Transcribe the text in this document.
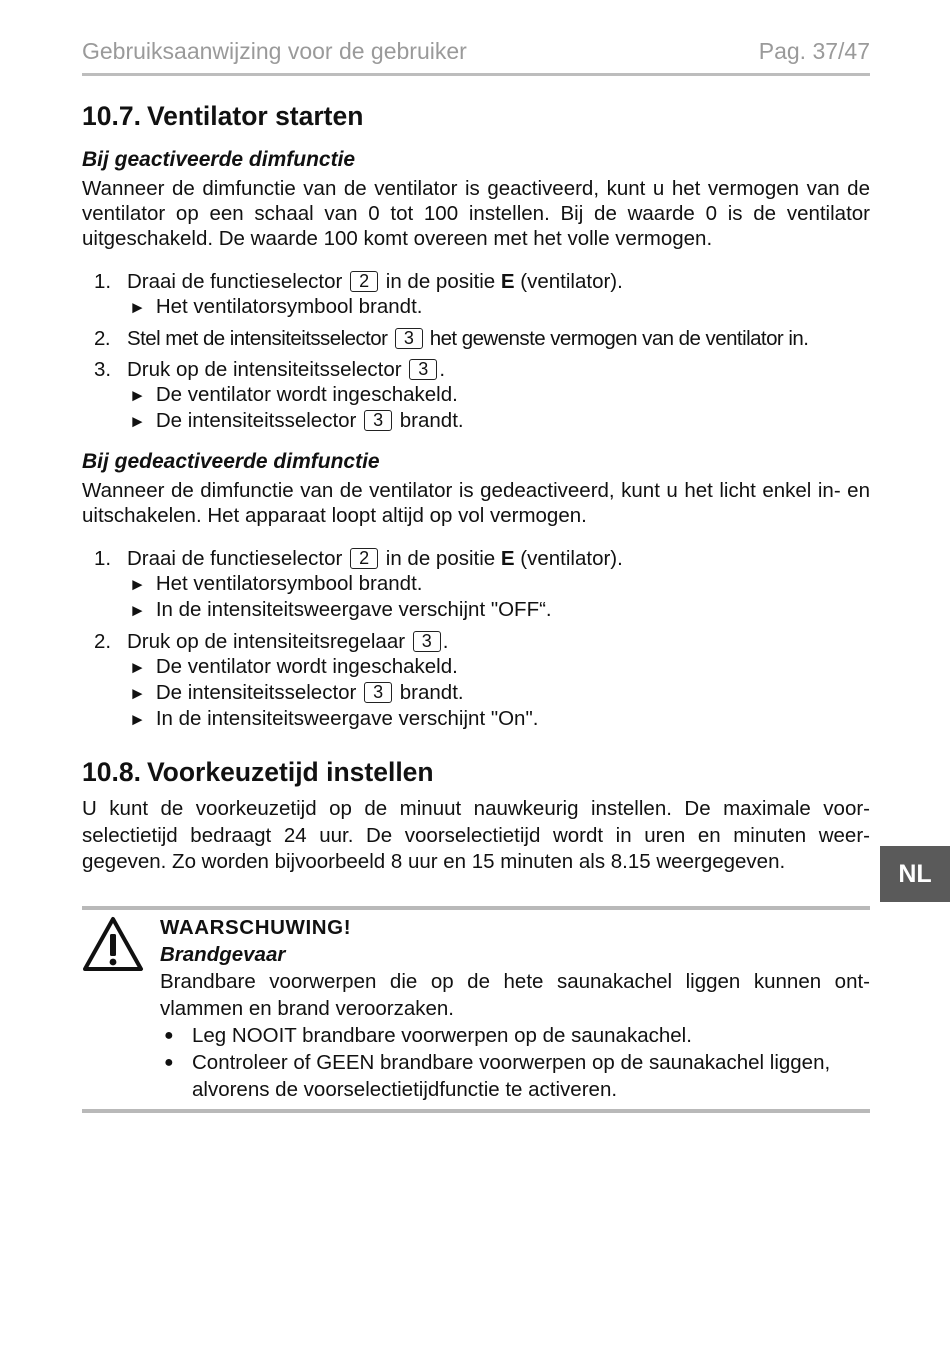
Gebruiksaanwijzing voor de gebruiker	Pag. 37/47
10.7. Ventilator starten
Bij geactiveerde dimfunctie

Wanneer de dimfunctie van de ventilator is geactiveerd, kunt u het vermogen van de ventilator op een schaal van 0 tot 100 instellen. Bij de waarde 0 is de ventilator uitgeschakeld. De waarde 100 komt overeen met het volle vermogen.

1. Draai de functieselector 2 in de positie E (ventilator).
► Het ventilatorsymbool brandt.
2. Stel met de intensiteitsselector 3 het gewenste vermogen van de ventilator in.
3. Druk op de intensiteitsselector 3 .
► De ventilator wordt ingeschakeld.
► De intensiteitsselector 3 brandt.
Bij gedeactiveerde dimfunctie

Wanneer de dimfunctie van de ventilator is gedeactiveerd, kunt u het licht enkel in- en uitschakelen. Het apparaat loopt altijd op vol vermogen.

1. Draai de functieselector 2 in de positie E (ventilator).
► Het ventilatorsymbool brandt.
► In de intensiteitsweergave verschijnt "OFF“.
2. Druk op de intensiteitsregelaar 3 .
► De ventilator wordt ingeschakeld.
► De intensiteitsselector 3 brandt.
► In de intensiteitsweergave verschijnt "On".
10.8. Voorkeuzetijd instellen

U kunt de voorkeuzetijd op de minuut nauwkeurig instellen. De maximale voor-selectietijd bedraagt 24 uur. De voorselectietijd wordt in uren en minuten weer-gegeven. Zo worden bijvoorbeeld 8 uur en 15 minuten als 8.15 weergegeven.	NL
WAARSCHUWING!
Brandgevaar
Brandbare voorwerpen die op de hete saunakachel liggen kunnen ont-vlammen en brand veroorzaken.
● Leg NOOIT brandbare voorwerpen op de saunakachel.
● Controleer of GEEN brandbare voorwerpen op de saunakachel liggen, alvorens de voorselectietijdfunctie te activeren.
